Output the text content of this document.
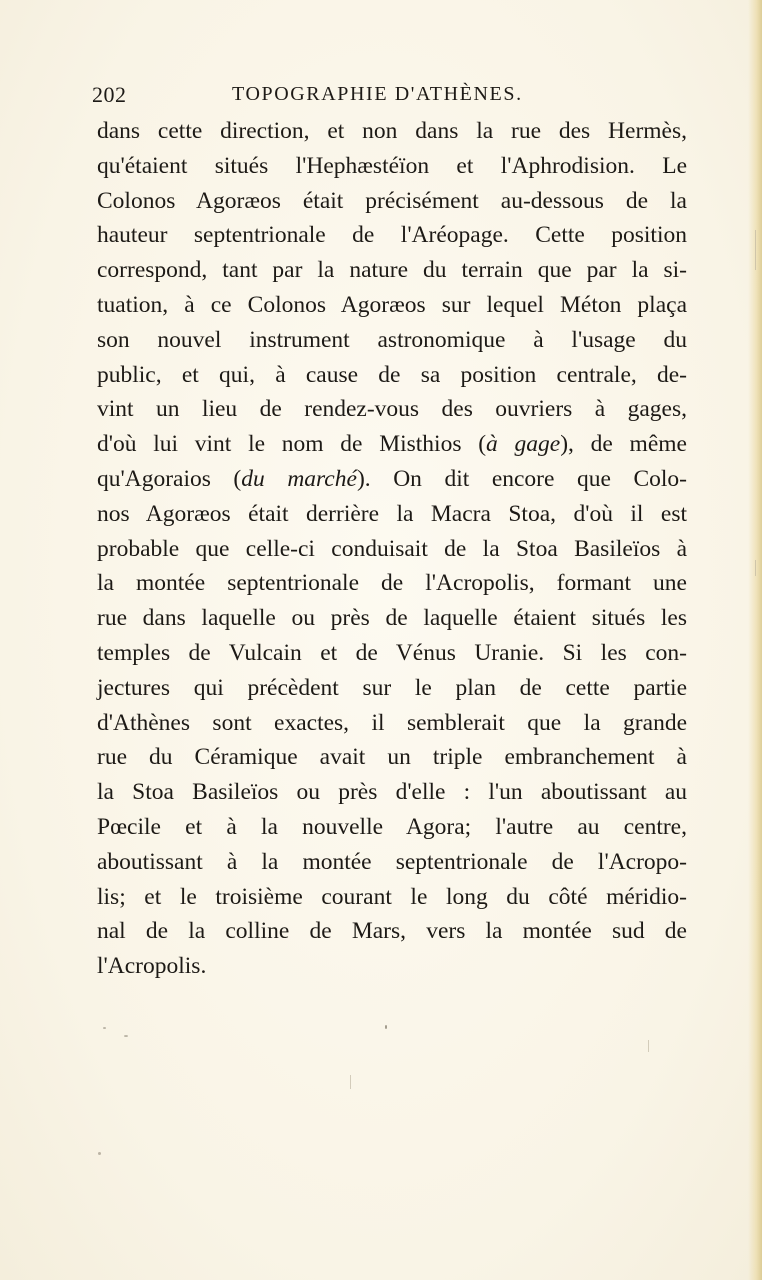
202	TOPOGRAPHIE D'ATHÈNES.
dans cette direction, et non dans la rue des Hermès,
qu'étaient situés l'Hephæstéïon et l'Aphrodision. Le
Colonos Agoræos était précisément au-dessous de la
hauteur septentrionale de l'Aréopage. Cette position
correspond, tant par la nature du terrain que par la si-
tuation, à ce Colonos Agoræos sur lequel Méton plaça
son nouvel instrument astronomique à l'usage du
public, et qui, à cause de sa position centrale, de-
vint un lieu de rendez-vous des ouvriers à gages,
d'où lui vint le nom de Misthios (à gage), de même
qu'Agoraios (du marché). On dit encore que Colo-
nos Agoræos était derrière la Macra Stoa, d'où il est
probable que celle-ci conduisait de la Stoa Basileïos à
la montée septentrionale de l'Acropolis, formant une
rue dans laquelle ou près de laquelle étaient situés les
temples de Vulcain et de Vénus Uranie. Si les con-
jectures qui précèdent sur le plan de cette partie
d'Athènes sont exactes, il semblerait que la grande
rue du Céramique avait un triple embranchement à
la Stoa Basileïos ou près d'elle : l'un aboutissant au
Pœcile et à la nouvelle Agora; l'autre au centre,
aboutissant à la montée septentrionale de l'Acropo-
lis; et le troisième courant le long du côté méridio-
nal de la colline de Mars, vers la montée sud de
l'Acropolis.
